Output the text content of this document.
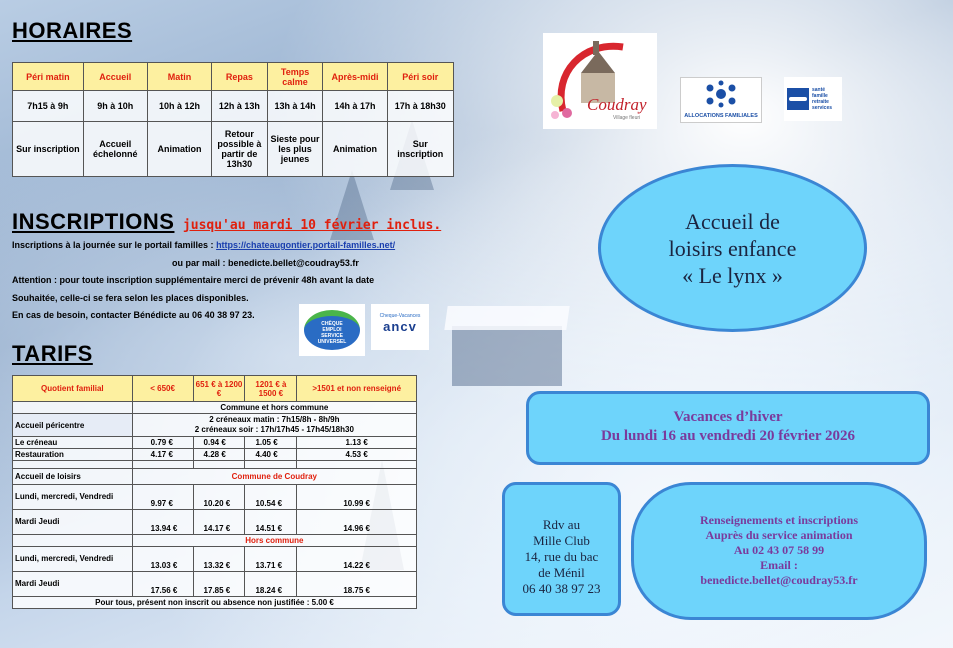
HORAIRES
Péri matin	Accueil	Matin	Repas	Temps calme	Après-midi	Péri soir
7h15 à 9h	9h à 10h	10h à 12h	12h à 13h	13h à 14h	14h à 17h	17h à 18h30
Sur inscription	Accueil échelonné	Animation	Retour possible à partir de 13h30	Sieste pour les plus jeunes	Animation	Sur inscription
INSCRIPTIONS jusqu'au mardi 10 février inclus.
Inscriptions à la journée sur le portail familles : https://chateaugontier.portail-familles.net/
ou par mail : benedicte.bellet@coudray53.fr
Attention : pour toute inscription supplémentaire merci de prévenir 48h avant la date
Souhaitée, celle-ci se fera selon les places disponibles.
En cas de besoin, contacter Bénédicte au 06 40 38 97 23.
CHÈQUE
EMPLOI
SERVICE
UNIVERSEL
Cheque-Vacances
ancv
TARIFS
Quotient familial	< 650€	651 € à 1200 €	1201 € à 1500 €	>1501 et non renseigné
	Commune et hors commune			
Accueil péricentre	2 créneaux matin : 7h15/8h - 8h/9h
2 créneaux soir : 17h/17h45 - 17h45/18h30			

Le créneau	0.79 €	0.94 €	1.05 €	1.13 €
Restauration	4.17 €	4.28 €	4.40 €	4.53 €

Accueil de loisirs	Commune de Coudray			
Lundi, mercredi, Vendredi	9.97 €	10.20 €	10.54 €	10.99 €
Mardi Jeudi	13.94 €	14.17 €	14.51 €	14.96 €
	Hors commune			
Lundi, mercredi, Vendredi	13.03 €	13.32 €	13.71 €	14.22 €
Mardi Jeudi	17.56 €	17.85 €	18.24 €	18.75 €
Pour tous, présent non inscrit ou absence non justifiée : 5.00 €				
Coudray
Village fleuri	ALLOCATIONS FAMILIALES
santé
famille
retraite
services
Accueil de
loisirs enfance
« Le lynx »
Vacances d’hiver
Du lundi 16 au vendredi 20 février 2026
Rdv au
Mille Club
14, rue du bac
de Ménil
06 40 38 97 23
Renseignements et inscriptions
Auprès du service animation
Au 02 43 07 58 99
Email :
benedicte.bellet@coudray53.fr
